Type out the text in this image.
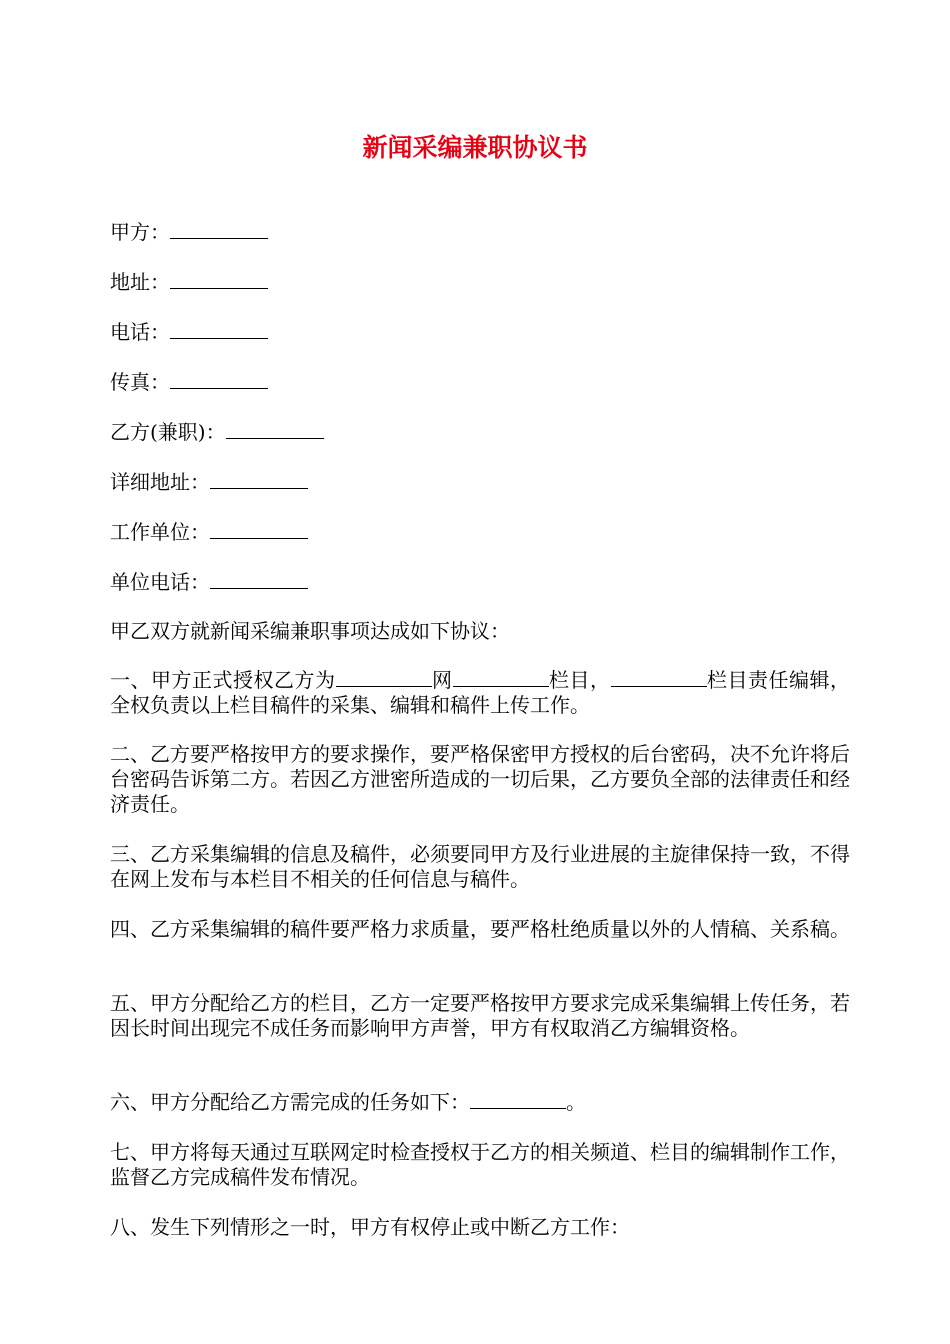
新闻采编兼职协议书
甲方：
地址：
电话：
传真：
乙方(兼职)：
详细地址：
工作单位：
单位电话：

甲乙双方就新闻采编兼职事项达成如下协议：

一、甲方正式授权乙方为	网	栏目，	栏目责任编辑，全权负责以上栏目稿件的采集、编辑和稿件上传工作。

二、乙方要严格按甲方的要求操作，要严格保密甲方授权的后台密码，决不允许将后台密码告诉第二方。若因乙方泄密所造成的一切后果，乙方要负全部的法律责任和经济责任。

三、乙方采集编辑的信息及稿件，必须要同甲方及行业进展的主旋律保持一致，不得在网上发布与本栏目不相关的任何信息与稿件。

四、乙方采集编辑的稿件要严格力求质量，要严格杜绝质量以外的人情稿、关系稿。

五、甲方分配给乙方的栏目，乙方一定要严格按甲方要求完成采集编辑上传任务，若因长时间出现完不成任务而影响甲方声誉，甲方有权取消乙方编辑资格。

六、甲方分配给乙方需完成的任务如下：	。

七、甲方将每天通过互联网定时检查授权于乙方的相关频道、栏目的编辑制作工作，监督乙方完成稿件发布情况。

八、发生下列情形之一时，甲方有权停止或中断乙方工作：
